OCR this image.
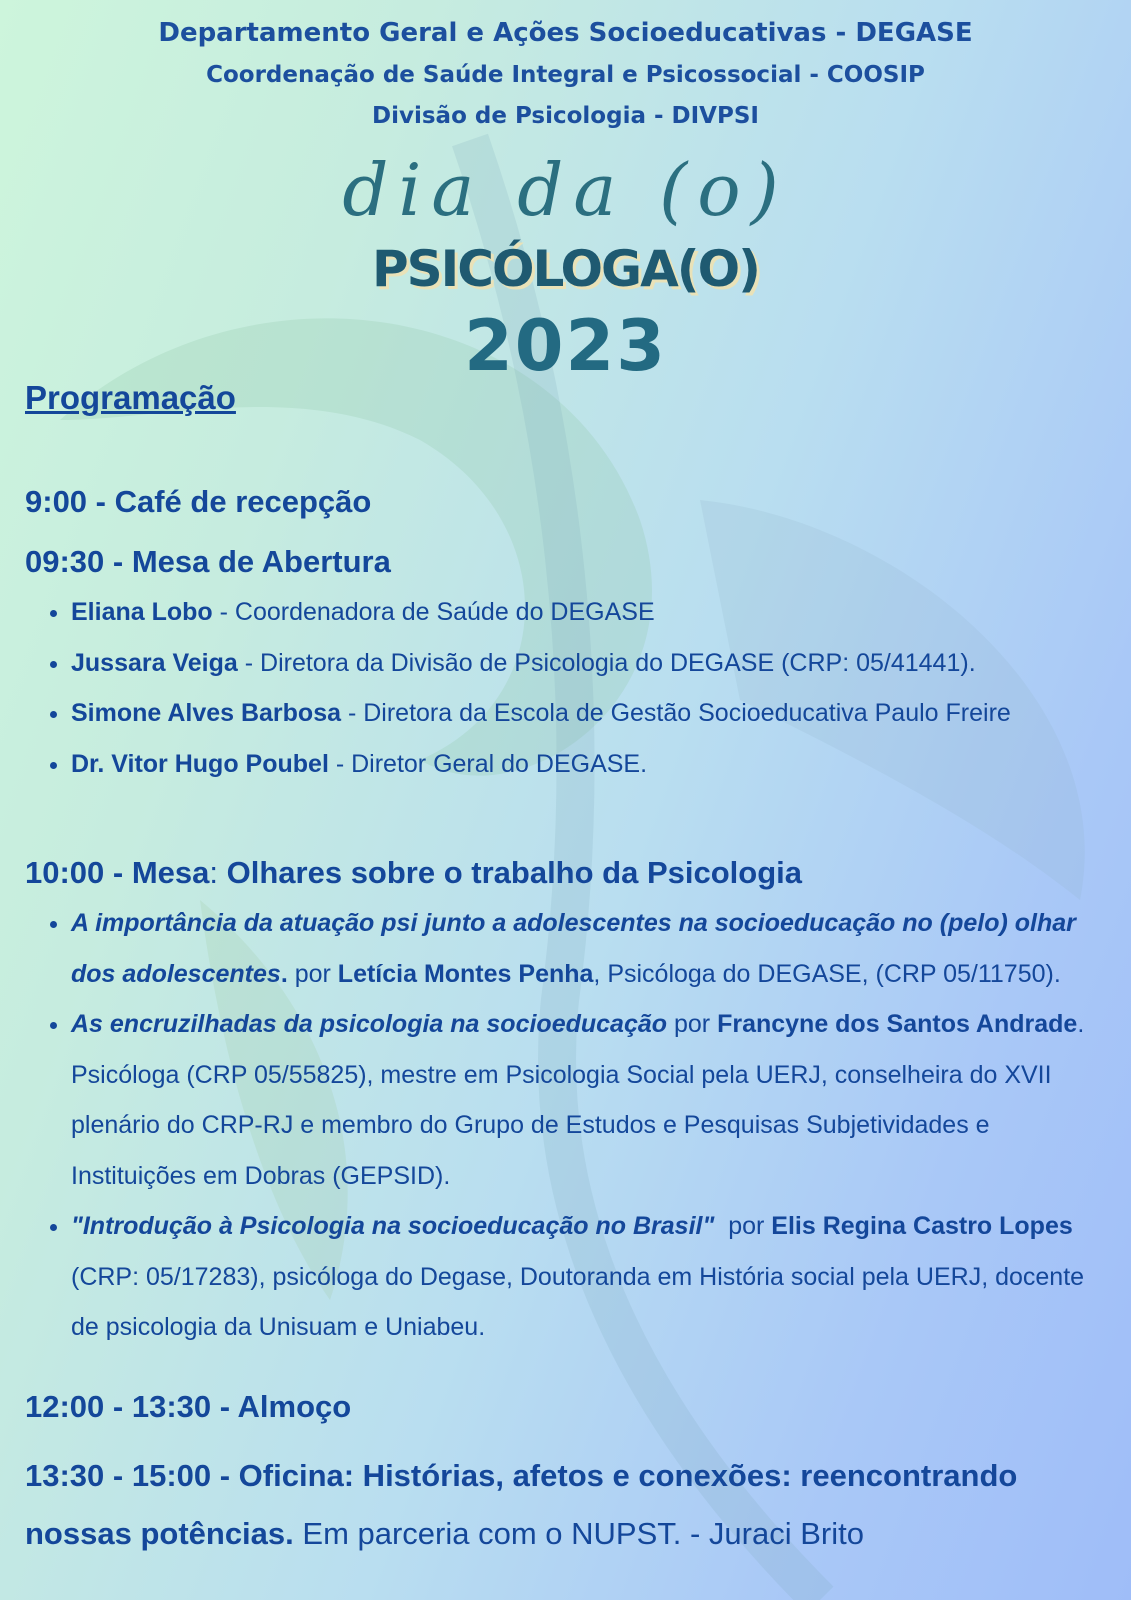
Departamento Geral e Ações Socioeducativas - DEGASE
Coordenação de Saúde Integral e Psicossocial - COOSIP
Divisão de Psicologia - DIVPSI
dia da (o)
PSICÓLOGA(O)
2023

Programação

9:00 - Café de recepção

09:30 - Mesa de Abertura

• Eliana Lobo - Coordenadora de Saúde do DEGASE
• Jussara Veiga - Diretora da Divisão de Psicologia do DEGASE (CRP: 05/41441).
• Simone Alves Barbosa - Diretora da Escola de Gestão Socioeducativa Paulo Freire
• Dr. Vitor Hugo Poubel - Diretor Geral do DEGASE.

10:00 - Mesa: Olhares sobre o trabalho da Psicologia

• A importância da atuação psi junto a adolescentes na socioeducação no (pelo) olhar dos adolescentes. por Letícia Montes Penha, Psicóloga do DEGASE, (CRP 05/11750).
• As encruzilhadas da psicologia na socioeducação por Francyne dos Santos Andrade. Psicóloga (CRP 05/55825), mestre em Psicologia Social pela UERJ, conselheira do XVII plenário do CRP-RJ e membro do Grupo de Estudos e Pesquisas Subjetividades e Instituições em Dobras (GEPSID).
• "Introdução à Psicologia na socioeducação no Brasil"  por Elis Regina Castro Lopes (CRP: 05/17283), psicóloga do Degase, Doutoranda em História social pela UERJ, docente de psicologia da Unisuam e Uniabeu.

12:00 - 13:30 - Almoço

13:30 - 15:00 - Oficina: Histórias, afetos e conexões: reencontrando nossas potências. Em parceria com o NUPST. - Juraci Brito
